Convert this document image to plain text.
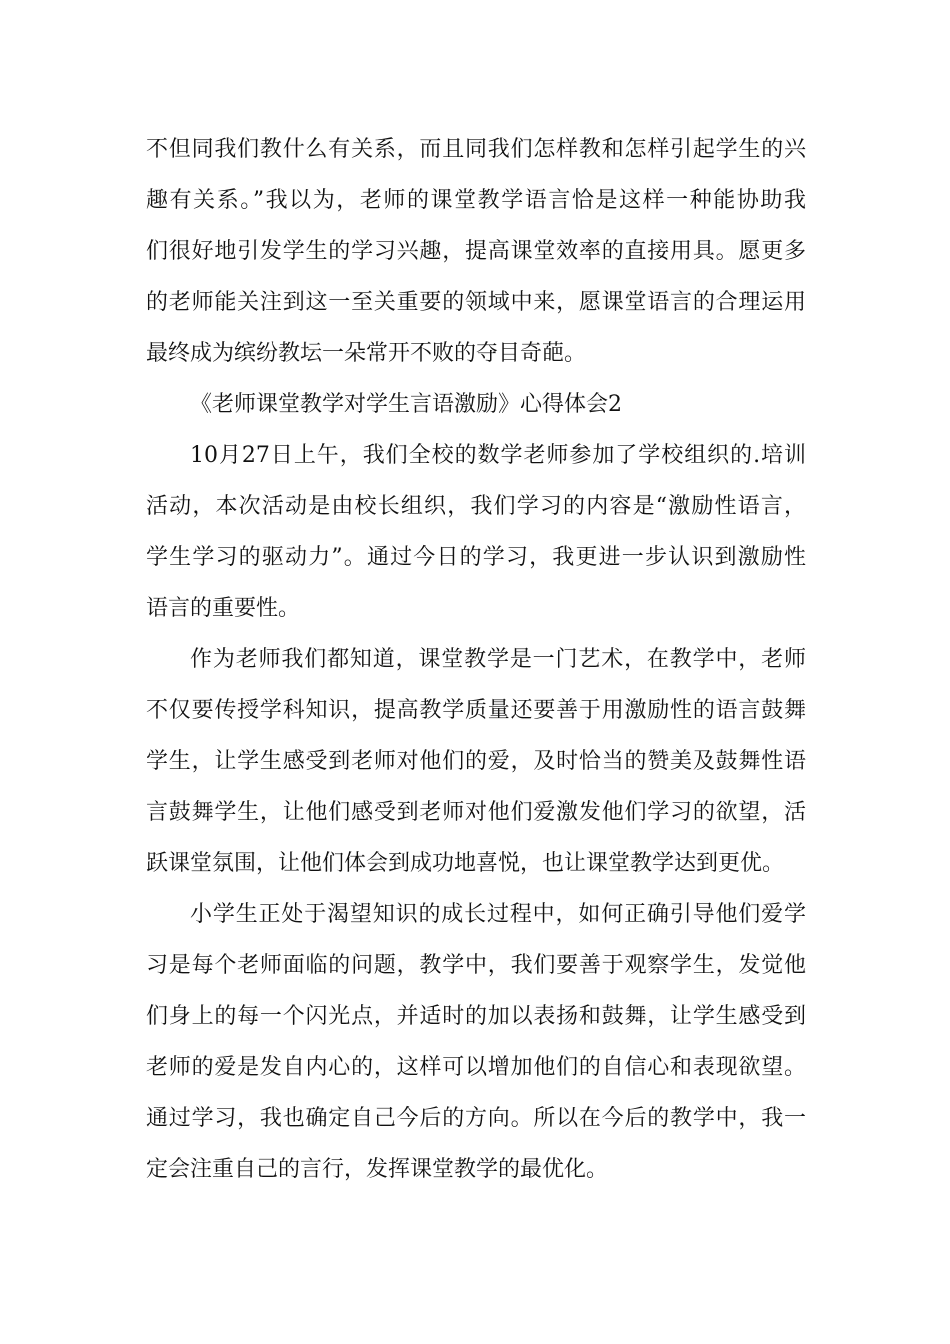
不但同我们教什么有关系，而且同我们怎样教和怎样引起学生的兴
趣有关系。”我以为，老师的课堂教学语言恰是这样一种能协助我
们很好地引发学生的学习兴趣，提高课堂效率的直接用具。愿更多
的老师能关注到这一至关重要的领域中来，愿课堂语言的合理运用
最终成为缤纷教坛一朵常开不败的夺目奇葩。
《老师课堂教学对学生言语激励》心得体会2
10月27日上午，我们全校的数学老师参加了学校组织的.培训
活动，本次活动是由校长组织，我们学习的内容是“激励性语言，
学生学习的驱动力”。通过今日的学习，我更进一步认识到激励性
语言的重要性。
作为老师我们都知道，课堂教学是一门艺术，在教学中，老师
不仅要传授学科知识，提高教学质量还要善于用激励性的语言鼓舞
学生，让学生感受到老师对他们的爱，及时恰当的赞美及鼓舞性语
言鼓舞学生，让他们感受到老师对他们爱激发他们学习的欲望，活
跃课堂氛围，让他们体会到成功地喜悦，也让课堂教学达到更优。
小学生正处于渴望知识的成长过程中，如何正确引导他们爱学
习是每个老师面临的问题，教学中，我们要善于观察学生，发觉他
们身上的每一个闪光点，并适时的加以表扬和鼓舞，让学生感受到
老师的爱是发自内心的，这样可以增加他们的自信心和表现欲望。
通过学习，我也确定自己今后的方向。所以在今后的教学中，我一
定会注重自己的言行，发挥课堂教学的最优化。
